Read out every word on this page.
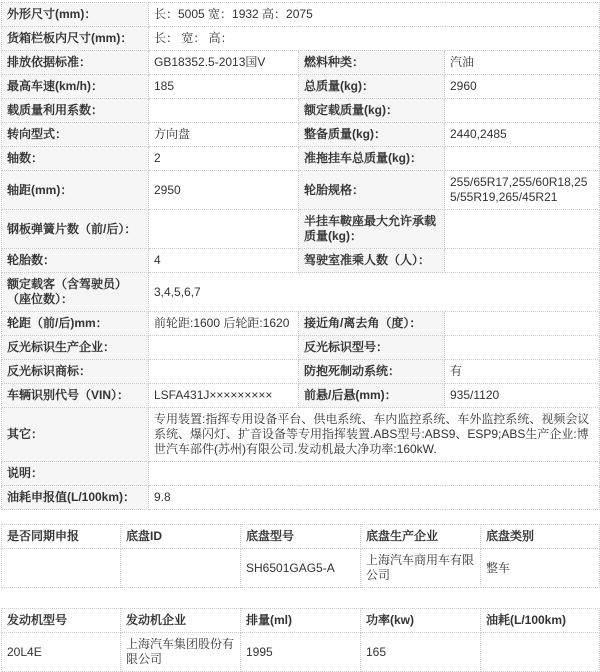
外形尺寸(mm)：	长：5005 宽：1932 高：2075		
货箱栏板内尺寸(mm)：	长： 宽： 高：		
排放依据标准：	GB18352.5-2013国V	燃料种类：	汽油
最高车速(km/h)：	185	总质量(kg)：	2960
载质量利用系数：		额定载质量(kg)：	
转向型式：	方向盘	整备质量(kg)：	2440,2485
轴数：	2	准拖挂车总质量(kg)：	
轴距(mm)：	2950	轮胎规格：	255/65R17,255/60R18,255/55R19,265/45R21
钢板弹簧片数（前/后）：		半挂车鞍座最大允许承载质量(kg)：	
轮胎数：	4	驾驶室准乘人数（人）：	
额定载客（含驾驶员）（座位数）：	3,4,5,6,7		
轮距（前/后)mm：	前轮距:1600 后轮距:1620	接近角/离去角（度）：	
反光标识生产企业：		反光标识型号：	
反光标识商标：		防抱死制动系统：	有
车辆识别代号（VIN）：	LSFA431J×××××××××	前悬/后悬(mm)：	935/1120
其它：	专用装置:指挥专用设备平台、供电系统、车内监控系统、车外监控系统、视频会议系统、爆闪灯、扩音设备等专用指挥装置.ABS型号:ABS9、ESP9;ABS生产企业:博世汽车部件(苏州)有限公司.发动机最大净功率:160kW.		
说明：			
油耗申报值(L/100km)：	9.8		
是否同期申报	底盘ID	底盘型号	底盘生产企业	底盘类别
		SH6501GAG5-A	上海汽车商用车有限公司	整车
发动机型号	发动机企业	排量(ml)	功率(kw)	油耗(L/100km)
20L4E	上海汽车集团股份有限公司	1995	165	
